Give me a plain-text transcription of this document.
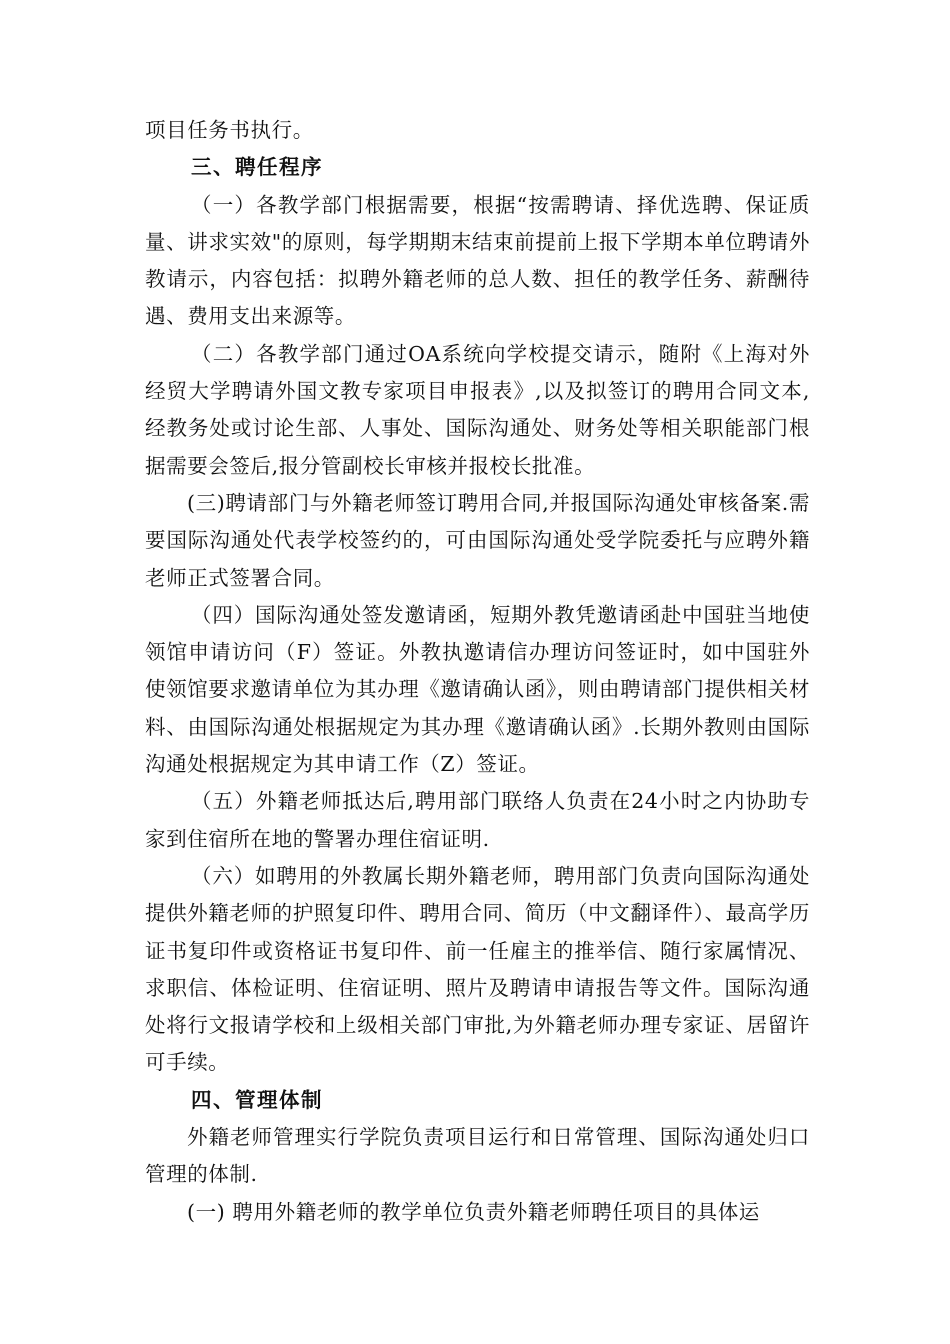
项目任务书执行。

三、聘任程序

（一）各教学部门根据需要，根据“按需聘请、择优选聘、保证质量、讲求实效"的原则，每学期期末结束前提前上报下学期本单位聘请外教请示，内容包括：拟聘外籍老师的总人数、担任的教学任务、薪酬待遇、费用支出来源等。

（二）各教学部门通过OA系统向学校提交请示，随附《上海对外经贸大学聘请外国文教专家项目申报表》,以及拟签订的聘用合同文本,经教务处或讨论生部、人事处、国际沟通处、财务处等相关职能部门根据需要会签后,报分管副校长审核并报校长批准。

(三)聘请部门与外籍老师签订聘用合同,并报国际沟通处审核备案.需要国际沟通处代表学校签约的，可由国际沟通处受学院委托与应聘外籍老师正式签署合同。

（四）国际沟通处签发邀请函，短期外教凭邀请函赴中国驻当地使领馆申请访问（F）签证。外教执邀请信办理访问签证时，如中国驻外使领馆要求邀请单位为其办理《邀请确认函》，则由聘请部门提供相关材料、由国际沟通处根据规定为其办理《邀请确认函》.长期外教则由国际沟通处根据规定为其申请工作（Z）签证。

（五）外籍老师抵达后,聘用部门联络人负责在24小时之内协助专家到住宿所在地的警署办理住宿证明.

（六）如聘用的外教属长期外籍老师，聘用部门负责向国际沟通处提供外籍老师的护照复印件、聘用合同、简历（中文翻译件）、最高学历证书复印件或资格证书复印件、前一任雇主的推举信、随行家属情况、求职信、体检证明、住宿证明、照片及聘请申请报告等文件。国际沟通处将行文报请学校和上级相关部门审批,为外籍老师办理专家证、居留许可手续。

四、管理体制

外籍老师管理实行学院负责项目运行和日常管理、国际沟通处归口管理的体制.

(一) 聘用外籍老师的教学单位负责外籍老师聘任项目的具体运
